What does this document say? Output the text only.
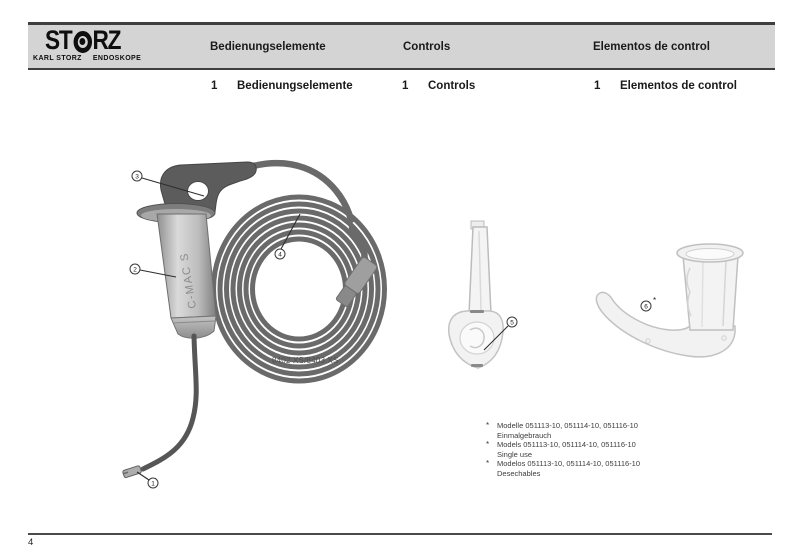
ST RZ
KARL STORZ ENDOSKOPE
Bedienungselemente	Controls	Elementos de control
1	Bedienungselemente	1	Controls	1	Elementos de control
C-MAC S
1
2
3
4
5
6
*
8402 XS/8403 XS
*	Modelle 051113-10, 051114-10, 051116-10
Einmalgebrauch
*	Models 051113-10, 051114-10, 051116-10
Single use
*	Modelos 051113-10, 051114-10, 051116-10
Desechables
4
